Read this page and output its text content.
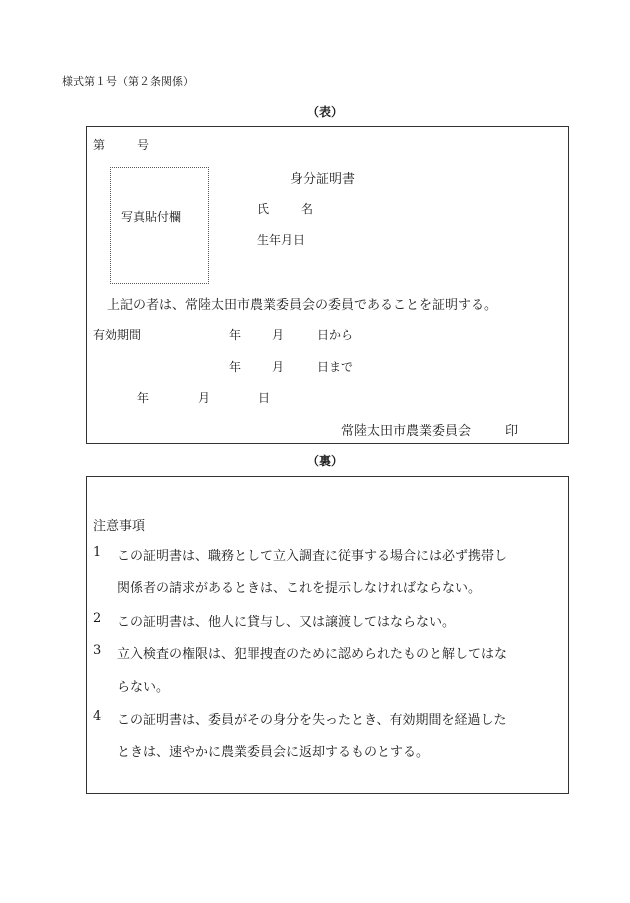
様式第１号（第２条関係）
（表）
第	号
写真貼付欄
身分証明書
氏	名
生年月日
上記の者は、常陸太田市農業委員会の委員であることを証明する。
有効期間	年	月	日から
年	月	日まで
年	月	日
常陸太田市農業委員会	印
（裏）
注意事項
1 この証明書は、職務として立入調査に従事する場合には必ず携帯し
関係者の請求があるときは、これを提示しなければならない。
2 この証明書は、他人に貸与し、又は譲渡してはならない。
3 立入検査の権限は、犯罪捜査のために認められたものと解してはな
らない。
4 この証明書は、委員がその身分を失ったとき、有効期間を経過した
ときは、速やかに農業委員会に返却するものとする。
